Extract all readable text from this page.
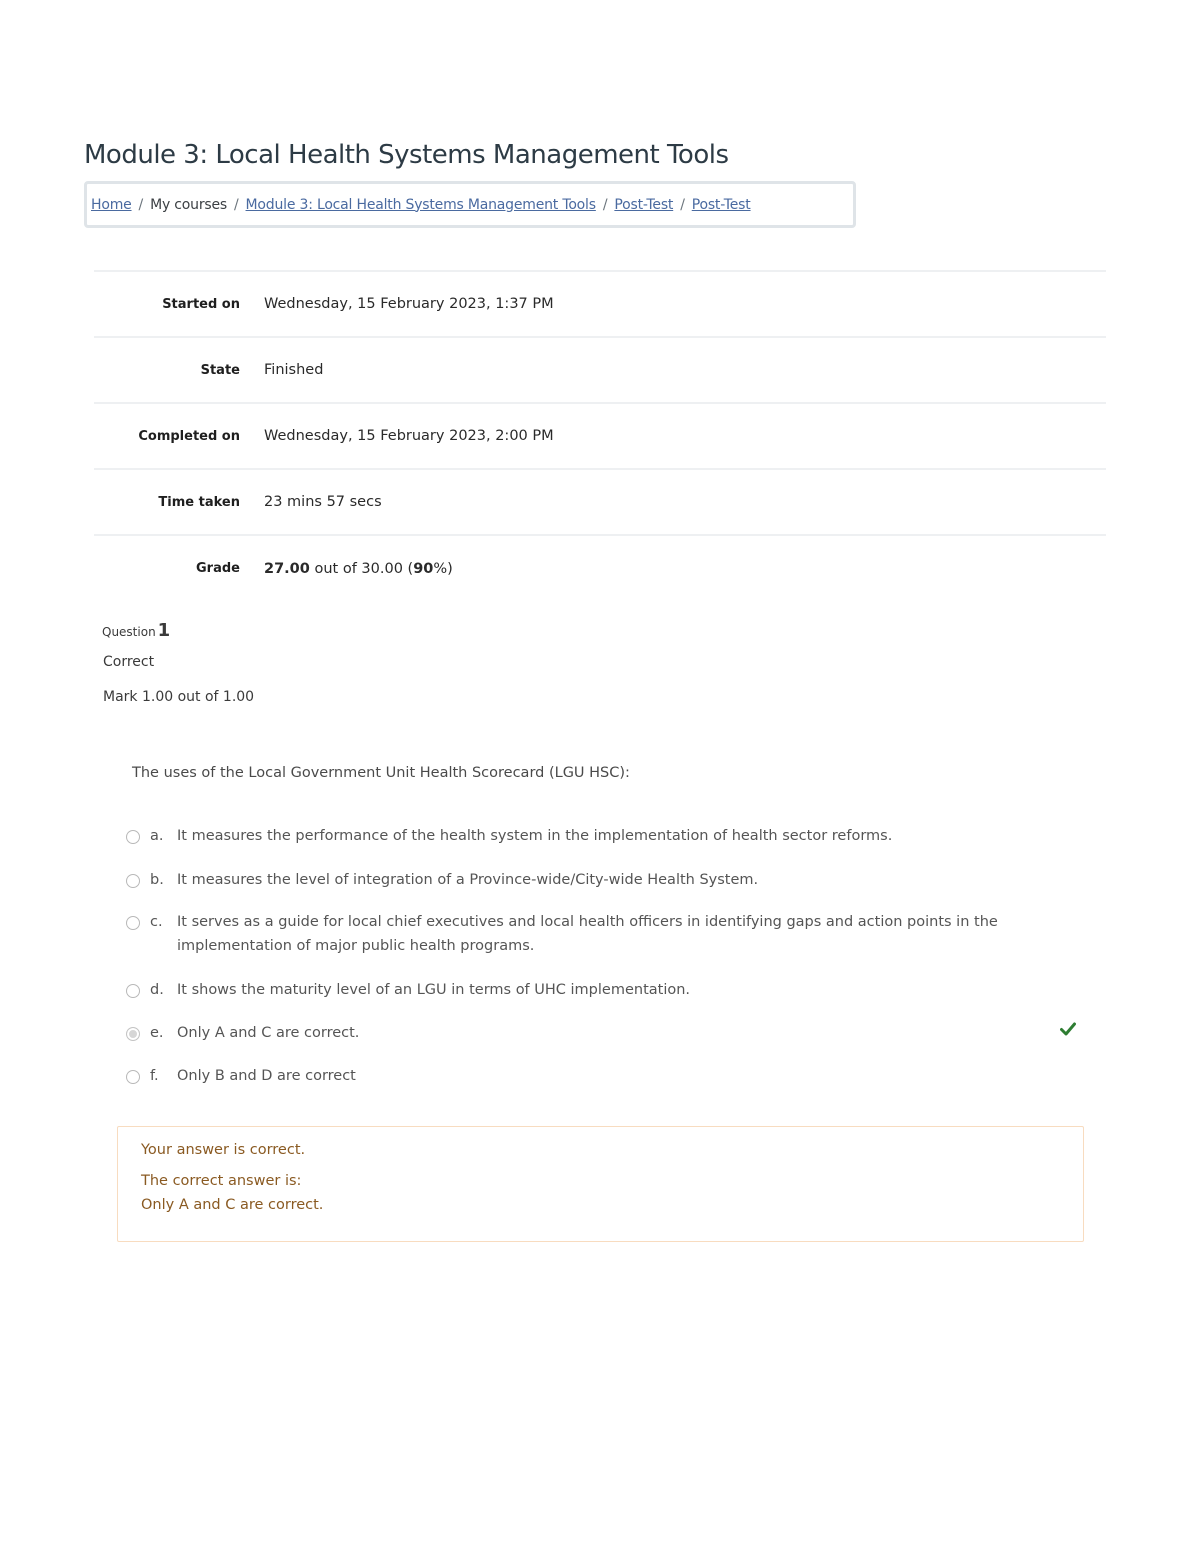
Module 3: Local Health Systems Management Tools
Home / My courses / Module 3: Local Health Systems Management Tools / Post-Test / Post-Test
Started on	Wednesday, 15 February 2023, 1:37 PM
State	Finished
Completed on	Wednesday, 15 February 2023, 2:00 PM
Time taken	23 mins 57 secs
Grade	27.00 out of 30.00 (90%)
Question 1
Correct
Mark 1.00 out of 1.00
The uses of the Local Government Unit Health Scorecard (LGU HSC):
a. It measures the performance of the health system in the implementation of health sector reforms.
b. It measures the level of integration of a Province-wide/City-wide Health System.
c. It serves as a guide for local chief executives and local health officers in identifying gaps and action points in the implementation of major public health programs.
d. It shows the maturity level of an LGU in terms of UHC implementation.
e. Only A and C are correct.
f.	Only B and D are correct
Your answer is correct.
The correct answer is:
Only A and C are correct.
